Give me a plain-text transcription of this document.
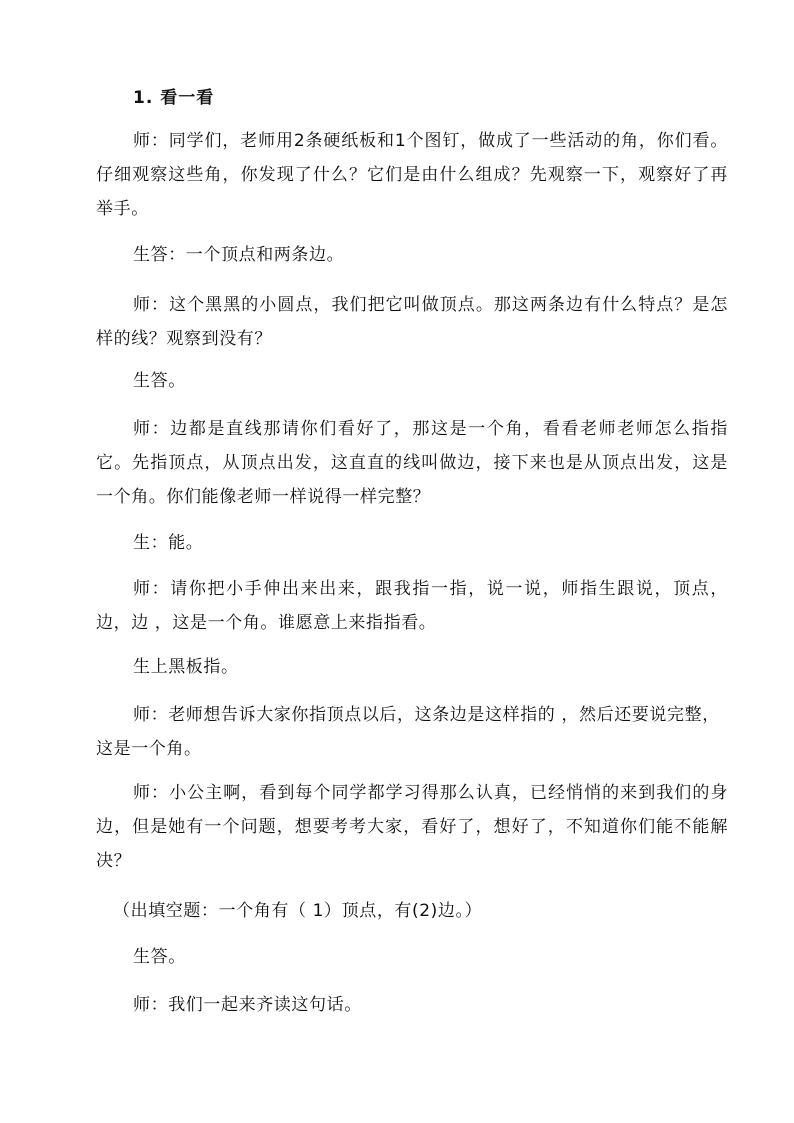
1. 看一看
师：同学们，老师用2条硬纸板和1个图钉，做成了一些活动的角，你们看。仔细观察这些角，你发现了什么？它们是由什么组成？先观察一下，观察好了再举手。
生答：一个顶点和两条边。
师：这个黑黑的小圆点，我们把它叫做顶点。那这两条边有什么特点？是怎样的线？观察到没有？
生答。
师：边都是直线那请你们看好了，那这是一个角，看看老师老师怎么指指它。先指顶点，从顶点出发，这直直的线叫做边，接下来也是从顶点出发，这是一个角。你们能像老师一样说得一样完整？
生：能。
师：请你把小手伸出来出来，跟我指一指，说一说，师指生跟说，顶点，边，边 ，这是一个角。谁愿意上来指指看。
生上黑板指。
师：老师想告诉大家你指顶点以后，这条边是这样指的 ，然后还要说完整，这是一个角。
师：小公主啊，看到每个同学都学习得那么认真，已经悄悄的来到我们的身边，但是她有一个问题，想要考考大家，看好了，想好了，不知道你们能不能解决？
（出填空题：一个角有（ 1）顶点，有(2)边。）
生答。
师：我们一起来齐读这句话。
